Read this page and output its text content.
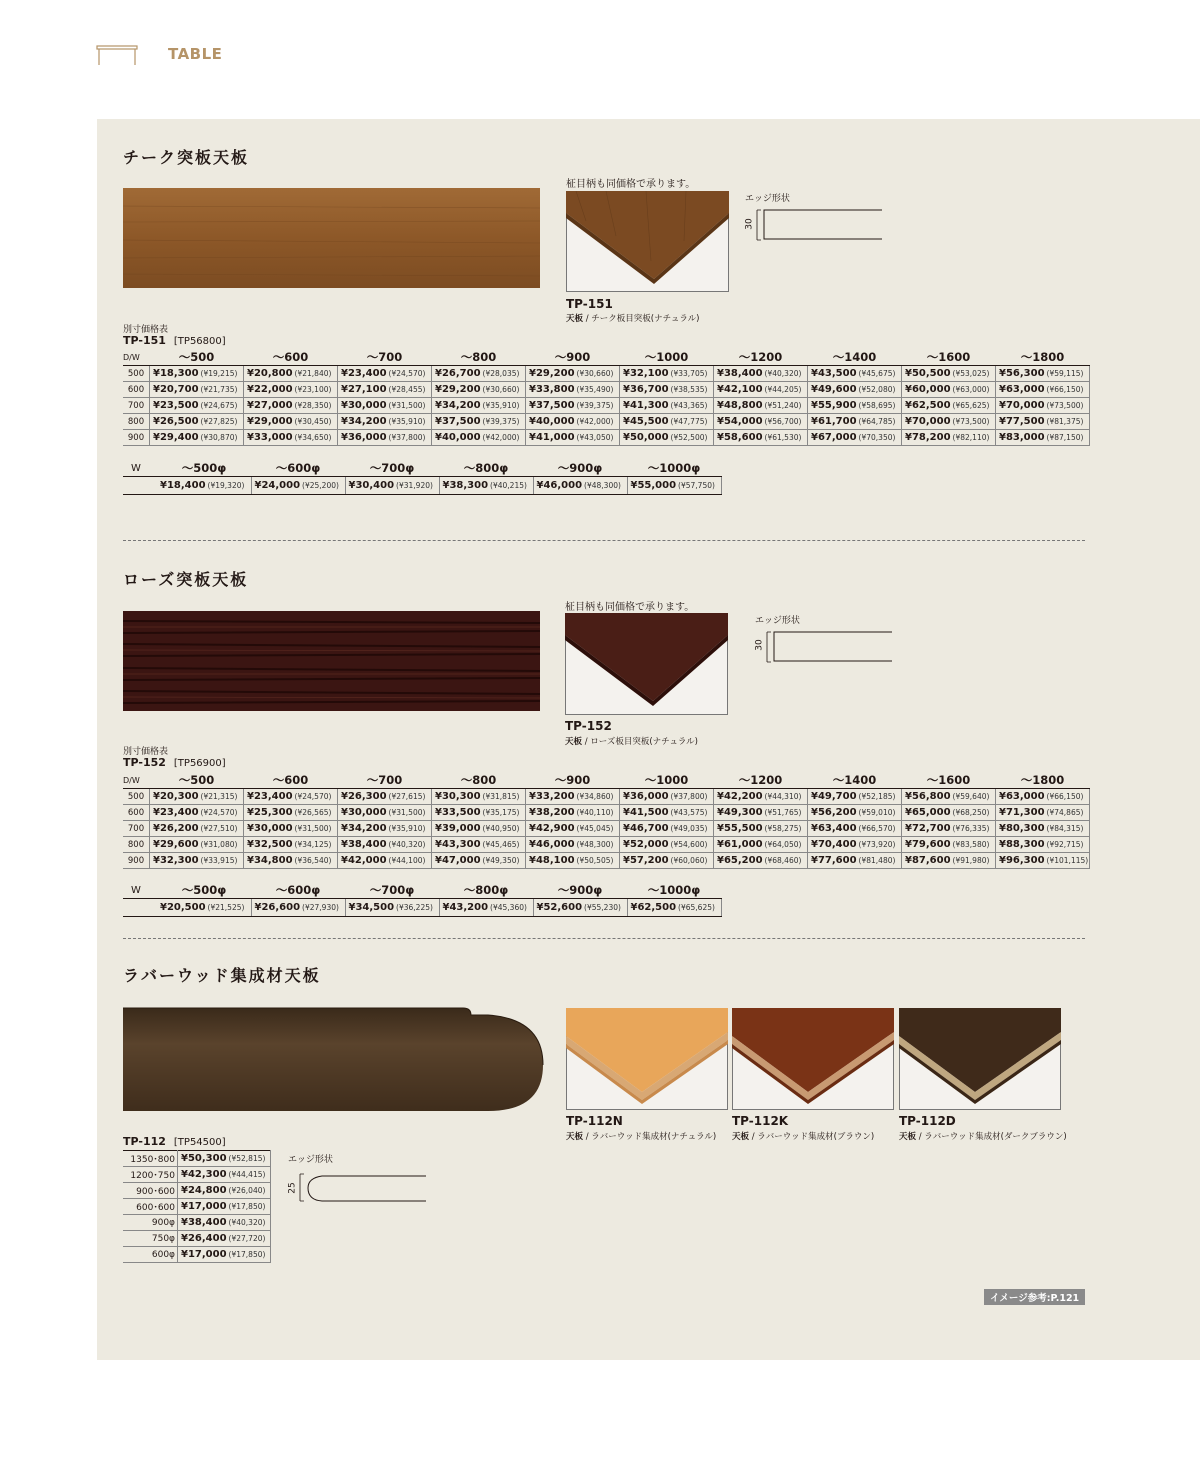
TABLE
チーク突板天板
柾目柄も同価格で承ります。
TP-151
天板 / チーク板目突板(ナチュラル)
エッジ形状
30
別寸価格表
TP-151 [TP56800]
D/W	～500	～600	～700	～800	～900	～1000	～1200	～1400	～1600	～1800
500	¥18,300 (¥19,215)	¥20,800 (¥21,840)	¥23,400 (¥24,570)	¥26,700 (¥28,035)	¥29,200 (¥30,660)	¥32,100 (¥33,705)	¥38,400 (¥40,320)	¥43,500 (¥45,675)	¥50,500 (¥53,025)	¥56,300 (¥59,115)
600	¥20,700 (¥21,735)	¥22,000 (¥23,100)	¥27,100 (¥28,455)	¥29,200 (¥30,660)	¥33,800 (¥35,490)	¥36,700 (¥38,535)	¥42,100 (¥44,205)	¥49,600 (¥52,080)	¥60,000 (¥63,000)	¥63,000 (¥66,150)
700	¥23,500 (¥24,675)	¥27,000 (¥28,350)	¥30,000 (¥31,500)	¥34,200 (¥35,910)	¥37,500 (¥39,375)	¥41,300 (¥43,365)	¥48,800 (¥51,240)	¥55,900 (¥58,695)	¥62,500 (¥65,625)	¥70,000 (¥73,500)
800	¥26,500 (¥27,825)	¥29,000 (¥30,450)	¥34,200 (¥35,910)	¥37,500 (¥39,375)	¥40,000 (¥42,000)	¥45,500 (¥47,775)	¥54,000 (¥56,700)	¥61,700 (¥64,785)	¥70,000 (¥73,500)	¥77,500 (¥81,375)
900	¥29,400 (¥30,870)	¥33,000 (¥34,650)	¥36,000 (¥37,800)	¥40,000 (¥42,000)	¥41,000 (¥43,050)	¥50,000 (¥52,500)	¥58,600 (¥61,530)	¥67,000 (¥70,350)	¥78,200 (¥82,110)	¥83,000 (¥87,150)
W	～500φ	～600φ	～700φ	～800φ	～900φ	～1000φ
	¥18,400 (¥19,320)	¥24,000 (¥25,200)	¥30,400 (¥31,920)	¥38,300 (¥40,215)	¥46,000 (¥48,300)	¥55,000 (¥57,750)
ローズ突板天板
柾目柄も同価格で承ります。
TP-152
天板 / ローズ板目突板(ナチュラル)
エッジ形状
30
別寸価格表
TP-152 [TP56900]
D/W	～500	～600	～700	～800	～900	～1000	～1200	～1400	～1600	～1800
500	¥20,300 (¥21,315)	¥23,400 (¥24,570)	¥26,300 (¥27,615)	¥30,300 (¥31,815)	¥33,200 (¥34,860)	¥36,000 (¥37,800)	¥42,200 (¥44,310)	¥49,700 (¥52,185)	¥56,800 (¥59,640)	¥63,000 (¥66,150)
600	¥23,400 (¥24,570)	¥25,300 (¥26,565)	¥30,000 (¥31,500)	¥33,500 (¥35,175)	¥38,200 (¥40,110)	¥41,500 (¥43,575)	¥49,300 (¥51,765)	¥56,200 (¥59,010)	¥65,000 (¥68,250)	¥71,300 (¥74,865)
700	¥26,200 (¥27,510)	¥30,000 (¥31,500)	¥34,200 (¥35,910)	¥39,000 (¥40,950)	¥42,900 (¥45,045)	¥46,700 (¥49,035)	¥55,500 (¥58,275)	¥63,400 (¥66,570)	¥72,700 (¥76,335)	¥80,300 (¥84,315)
800	¥29,600 (¥31,080)	¥32,500 (¥34,125)	¥38,400 (¥40,320)	¥43,300 (¥45,465)	¥46,000 (¥48,300)	¥52,000 (¥54,600)	¥61,000 (¥64,050)	¥70,400 (¥73,920)	¥79,600 (¥83,580)	¥88,300 (¥92,715)
900	¥32,300 (¥33,915)	¥34,800 (¥36,540)	¥42,000 (¥44,100)	¥47,000 (¥49,350)	¥48,100 (¥50,505)	¥57,200 (¥60,060)	¥65,200 (¥68,460)	¥77,600 (¥81,480)	¥87,600 (¥91,980)	¥96,300 (¥101,115)
W	～500φ	～600φ	～700φ	～800φ	～900φ	～1000φ
	¥20,500 (¥21,525)	¥26,600 (¥27,930)	¥34,500 (¥36,225)	¥43,200 (¥45,360)	¥52,600 (¥55,230)	¥62,500 (¥65,625)
ラバーウッド集成材天板
TP-112 [TP54500]
1350･800	¥50,300 (¥52,815)
1200･750	¥42,300 (¥44,415)
900･600	¥24,800 (¥26,040)
600･600	¥17,000 (¥17,850)
900φ	¥38,400 (¥40,320)
750φ	¥26,400 (¥27,720)
600φ	¥17,000 (¥17,850)
エッジ形状
25
TP-112N
天板 / ラバーウッド集成材(ナチュラル)
TP-112K
天板 / ラバーウッド集成材(ブラウン)
TP-112D
天板 / ラバーウッド集成材(ダークブラウン)
イメージ参考:P.121
